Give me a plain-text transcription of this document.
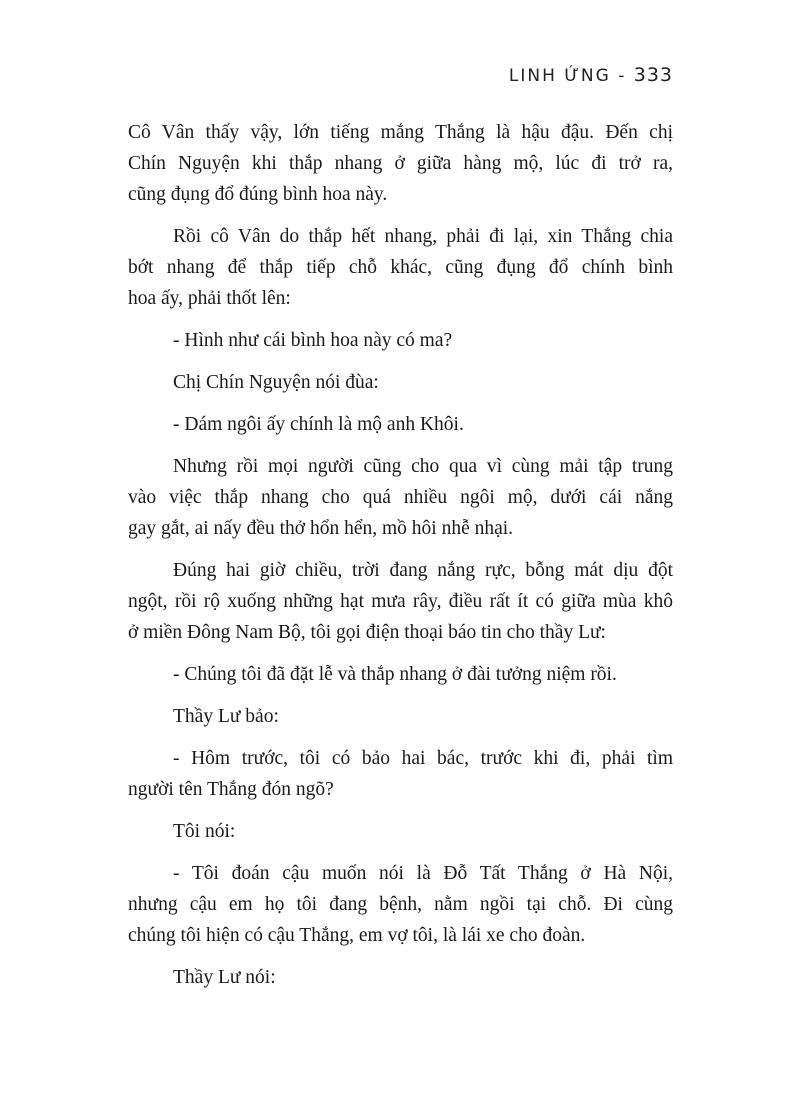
LINH ỨNG - 333
Cô Vân thấy vậy, lớn tiếng mắng Thắng là hậu đậu. Đến chị
Chín Nguyện khi thắp nhang ở giữa hàng mộ, lúc đi trở ra,
cũng đụng đổ đúng bình hoa này.
Rồi cô Vân do thắp hết nhang, phải đi lại, xin Thắng chia
bớt nhang để thắp tiếp chỗ khác, cũng đụng đổ chính bình
hoa ấy, phải thốt lên:
- Hình như cái bình hoa này có ma?
Chị Chín Nguyện nói đùa:
- Dám ngôi ấy chính là mộ anh Khôi.
Nhưng rồi mọi người cũng cho qua vì cùng mải tập trung
vào việc thắp nhang cho quá nhiều ngôi mộ, dưới cái nắng
gay gắt, ai nấy đều thở hổn hển, mồ hôi nhễ nhại.
Đúng hai giờ chiều, trời đang nắng rực, bỗng mát dịu đột
ngột, rồi rộ xuống những hạt mưa rây, điều rất ít có giữa mùa khô
ở miền Đông Nam Bộ, tôi gọi điện thoại báo tin cho thầy Lư:
- Chúng tôi đã đặt lễ và thắp nhang ở đài tưởng niệm rồi.
Thầy Lư bảo:
- Hôm trước, tôi có bảo hai bác, trước khi đi, phải tìm
người tên Thắng đón ngõ?
Tôi nói:
- Tôi đoán cậu muốn nói là Đỗ Tất Thắng ở Hà Nội,
nhưng cậu em họ tôi đang bệnh, nằm ngồi tại chỗ. Đi cùng
chúng tôi hiện có cậu Thắng, em vợ tôi, là lái xe cho đoàn.
Thầy Lư nói:
